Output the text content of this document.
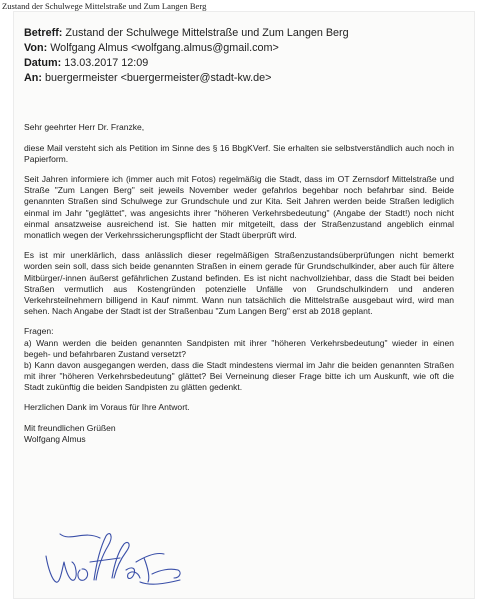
Zustand der Schulwege Mittelstraße und Zum Langen Berg
Betreff: Zustand der Schulwege Mittelstraße und Zum Langen Berg
Von: Wolfgang Almus <wolfgang.almus@gmail.com>
Datum: 13.03.2017 12:09
An: buergermeister <buergermeister@stadt-kw.de>

Sehr geehrter Herr Dr. Franzke,

diese Mail versteht sich als Petition im Sinne des § 16 BbgKVerf. Sie erhalten sie selbstverständlich auch noch in Papierform.

Seit Jahren informiere ich (immer auch mit Fotos) regelmäßig die Stadt, dass im OT Zernsdorf Mittelstraße und Straße "Zum Langen Berg" seit jeweils November weder gefahrlos begehbar noch befahrbar sind. Beide genannten Straßen sind Schulwege zur Grundschule und zur Kita. Seit Jahren werden beide Straßen lediglich einmal im Jahr "geglättet", was angesichts ihrer "höheren Verkehrsbedeutung" (Angabe der Stadt!) noch nicht einmal ansatzweise ausreichend ist. Sie hatten mir mitgeteilt, dass der Straßenzustand angeblich einmal monatlich wegen der Verkehrssicherungspflicht der Stadt überprüft wird.

Es ist mir unerklärlich, dass anlässlich dieser regelmäßigen Straßenzustandsüberprüfungen nicht bemerkt worden sein soll, dass sich beide genannten Straßen in einem gerade für Grundschulkinder, aber auch für ältere Mitbürger/-innen äußerst gefährlichen Zustand befinden. Es ist nicht nachvollziehbar, dass die Stadt bei beiden Straßen vermutlich aus Kostengründen potenzielle Unfälle von Grundschulkindern und anderen Verkehrsteilnehmern billigend in Kauf nimmt. Wann nun tatsächlich die Mittelstraße ausgebaut wird, wird man sehen. Nach Angabe der Stadt ist der Straßenbau "Zum Langen Berg" erst ab 2018 geplant.

Fragen:
a) Wann werden die beiden genannten Sandpisten mit ihrer "höheren Verkehrsbedeutung" wieder in einen begeh- und befahrbaren Zustand versetzt?
b) Kann davon ausgegangen werden, dass die Stadt mindestens viermal im Jahr die beiden genannten Straßen mit ihrer "höheren Verkehrsbedeutung" glättet? Bei Verneinung dieser Frage bitte ich um Auskunft, wie oft die Stadt zukünftig die beiden Sandpisten zu glätten gedenkt.

Herzlichen Dank im Voraus für Ihre Antwort.

Mit freundlichen Grüßen
Wolfgang Almus
